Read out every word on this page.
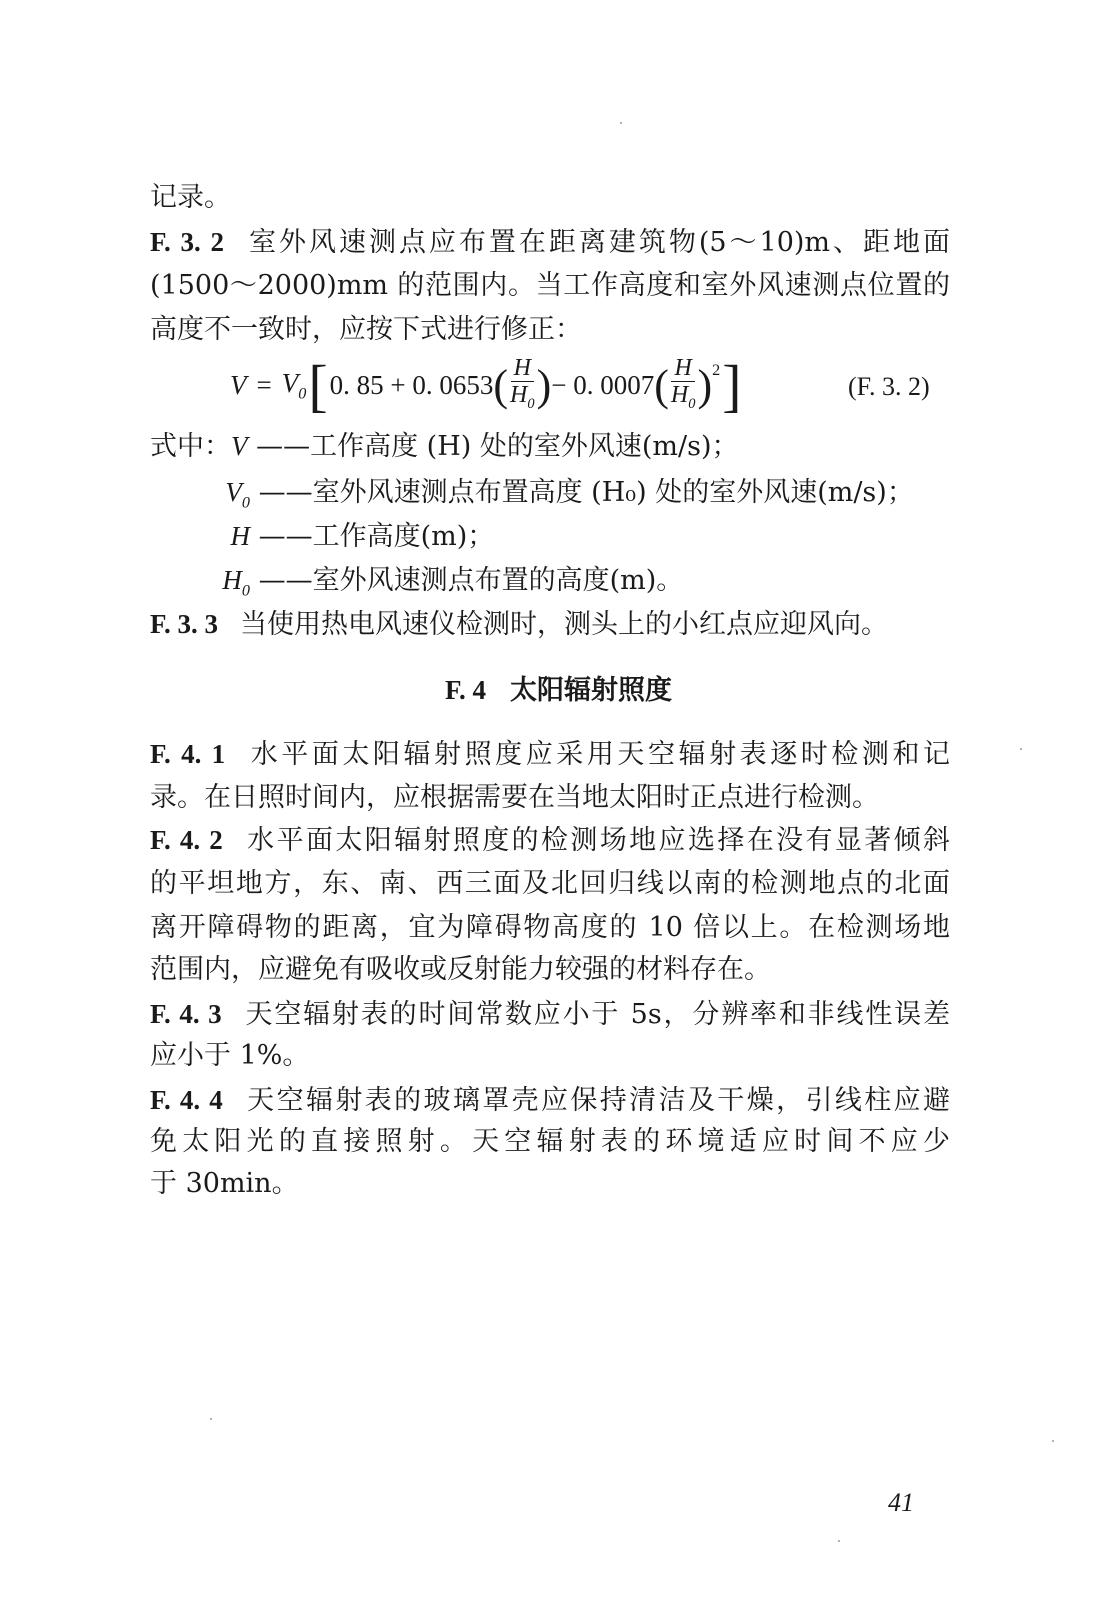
记录。
F. 3. 2 室外风速测点应布置在距离建筑物(5～10)m、距地面
(1500～2000)mm 的范围内。当工作高度和室外风速测点位置的
高度不一致时，应按下式进行修正：
$V = V_0$ [ 0. 85 + 0. 0653 ( $\frac{H}{H_0}$ ) − 0. 0007 ( $\frac{H}{H_0} )^2$ ]	(F. 3. 2)
式中：V ——工作高度 (H) 处的室外风速(m/s)；
$V_0$ ——室外风速测点布置高度 (H₀) 处的室外风速(m/s)；
H ——工作高度(m)；
$H_0$ ——室外风速测点布置的高度(m)。
F. 3. 3 当使用热电风速仪检测时，测头上的小红点应迎风向。
F. 4 太阳辐射照度
F. 4. 1 水平面太阳辐射照度应采用天空辐射表逐时检测和记
录。在日照时间内，应根据需要在当地太阳时正点进行检测。
F. 4. 2 水平面太阳辐射照度的检测场地应选择在没有显著倾斜
的平坦地方，东、南、西三面及北回归线以南的检测地点的北面
离开障碍物的距离，宜为障碍物高度的 10 倍以上。在检测场地
范围内，应避免有吸收或反射能力较强的材料存在。
F. 4. 3 天空辐射表的时间常数应小于 5s，分辨率和非线性误差
应小于 1%。
F. 4. 4 天空辐射表的玻璃罩壳应保持清洁及干燥，引线柱应避
免太阳光的直接照射。天空辐射表的环境适应时间不应少
于 30min。
41
